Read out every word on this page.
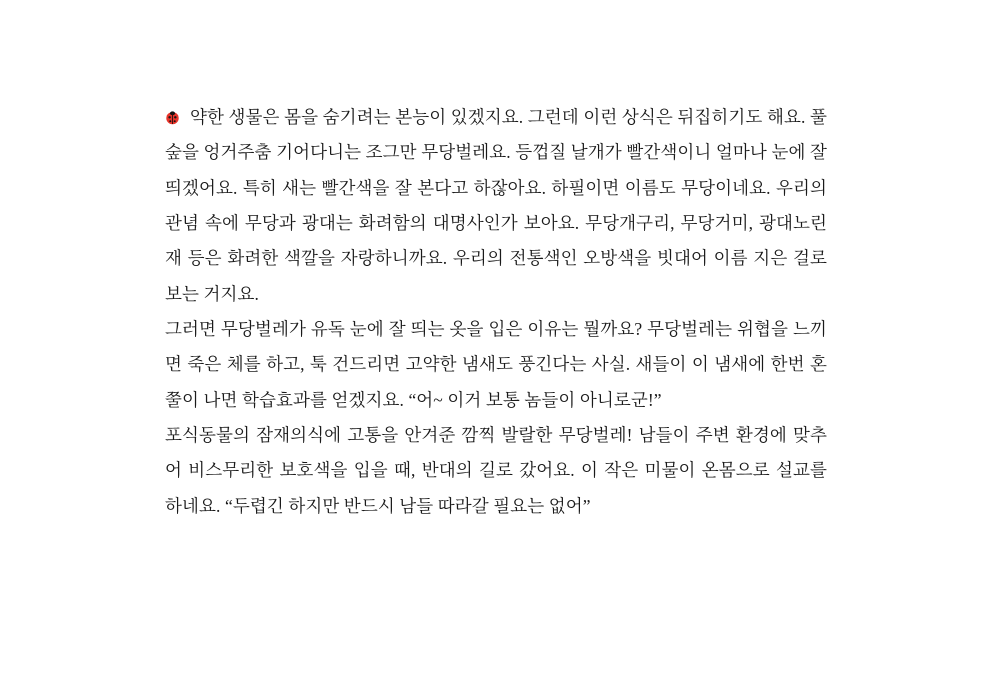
약한 생물은 몸을 숨기려는 본능이 있겠지요. 그런데 이런 상식은 뒤집히기도 해요. 풀숲을 엉거주춤 기어다니는 조그만 무당벌레요. 등껍질 날개가 빨간색이니 얼마나 눈에 잘 띄겠어요. 특히 새는 빨간색을 잘 본다고 하잖아요. 하필이면 이름도 무당이네요. 우리의 관념 속에 무당과 광대는 화려함의 대명사인가 보아요. 무당개구리, 무당거미, 광대노린재 등은 화려한 색깔을 자랑하니까요. 우리의 전통색인 오방색을 빗대어 이름 지은 걸로 보는 거지요.

그러면 무당벌레가 유독 눈에 잘 띄는 옷을 입은 이유는 뭘까요? 무당벌레는 위협을 느끼면 죽은 체를 하고, 툭 건드리면 고약한 냄새도 풍긴다는 사실. 새들이 이 냄새에 한번 혼쭐이 나면 학습효과를 얻겠지요. “어~ 이거 보통 놈들이 아니로군!”

포식동물의 잠재의식에 고통을 안겨준 깜찍 발랄한 무당벌레! 남들이 주변 환경에 맞추어 비스무리한 보호색을 입을 때, 반대의 길로 갔어요. 이 작은 미물이 온몸으로 설교를 하네요. “두렵긴 하지만 반드시 남들 따라갈 필요는 없어”
